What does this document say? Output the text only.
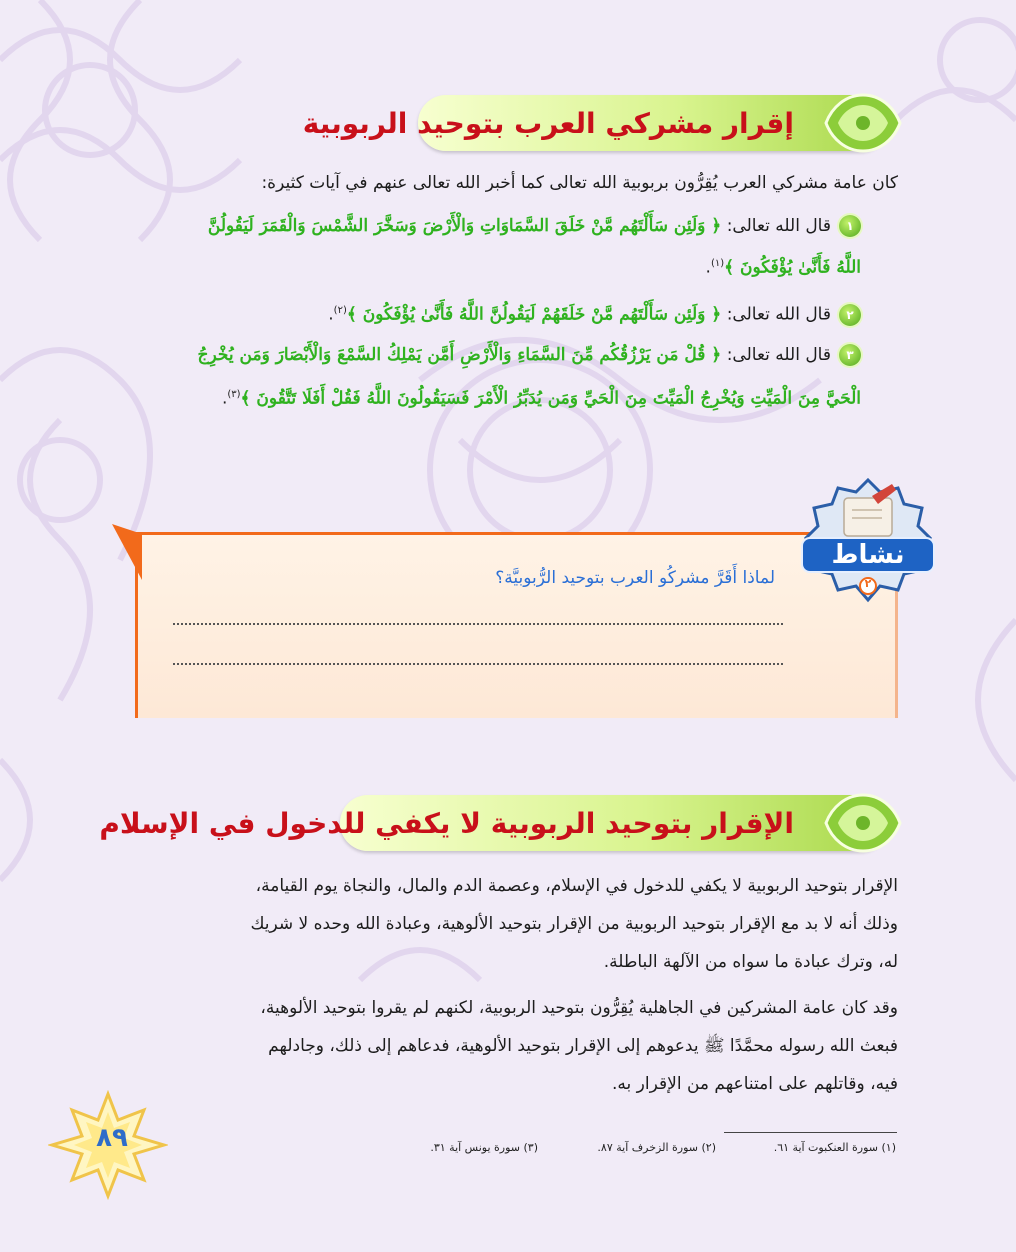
إقرار مشركي العرب بتوحيد الربوبية
كان عامة مشركي العرب يُقِرُّون بربوبية الله تعالى كما أخبر الله تعالى عنهم في آيات كثيرة:
١قال الله تعالى: ﴿ وَلَئِن سَأَلْتَهُم مَّنْ خَلَقَ السَّمَاوَاتِ وَالْأَرْضَ وَسَخَّرَ الشَّمْسَ وَالْقَمَرَ لَيَقُولُنَّ
اللَّهُ فَأَنَّىٰ يُؤْفَكُونَ ﴾$^{(١)}$.
٢قال الله تعالى: ﴿ وَلَئِن سَأَلْتَهُم مَّنْ خَلَقَهُمْ لَيَقُولُنَّ اللَّهُ فَأَنَّىٰ يُؤْفَكُونَ ﴾$^{(٢)}$.
٣قال الله تعالى: ﴿ قُلْ مَن يَرْزُقُكُم مِّنَ السَّمَاءِ وَالْأَرْضِ أَمَّن يَمْلِكُ السَّمْعَ وَالْأَبْصَارَ وَمَن يُخْرِجُ
الْحَيَّ مِنَ الْمَيِّتِ وَيُخْرِجُ الْمَيِّتَ مِنَ الْحَيِّ وَمَن يُدَبِّرُ الْأَمْرَ فَسَيَقُولُونَ اللَّهُ فَقُلْ أَفَلَا تَتَّقُونَ ﴾$^{(٣)}$.
لماذا أَقَرَّ مشركُو العرب بتوحيد الرُّبوبيَّة؟
نشاط
٢
الإقرار بتوحيد الربوبية لا يكفي للدخول في الإسلام
الإقرار بتوحيد الربوبية لا يكفي للدخول في الإسلام، وعصمة الدم والمال، والنجاة يوم القيامة،
وذلك أنه لا بد مع الإقرار بتوحيد الربوبية من الإقرار بتوحيد الألوهية، وعبادة الله وحده لا شريك
له، وترك عبادة ما سواه من الآلهة الباطلة.
وقد كان عامة المشركين في الجاهلية يُقِرُّون بتوحيد الربوبية، لكنهم لم يقروا بتوحيد الألوهية،
فبعث الله رسوله محمَّدًا ﷺ يدعوهم إلى الإقرار بتوحيد الألوهية، فدعاهم إلى ذلك، وجادلهم
فيه، وقاتلهم على امتناعهم من الإقرار به.
(١) سورة العنكبوت آية ٦١.
(٢) سورة الزخرف آية ٨٧.
(٣) سورة يونس آية ٣١.
٨٩
